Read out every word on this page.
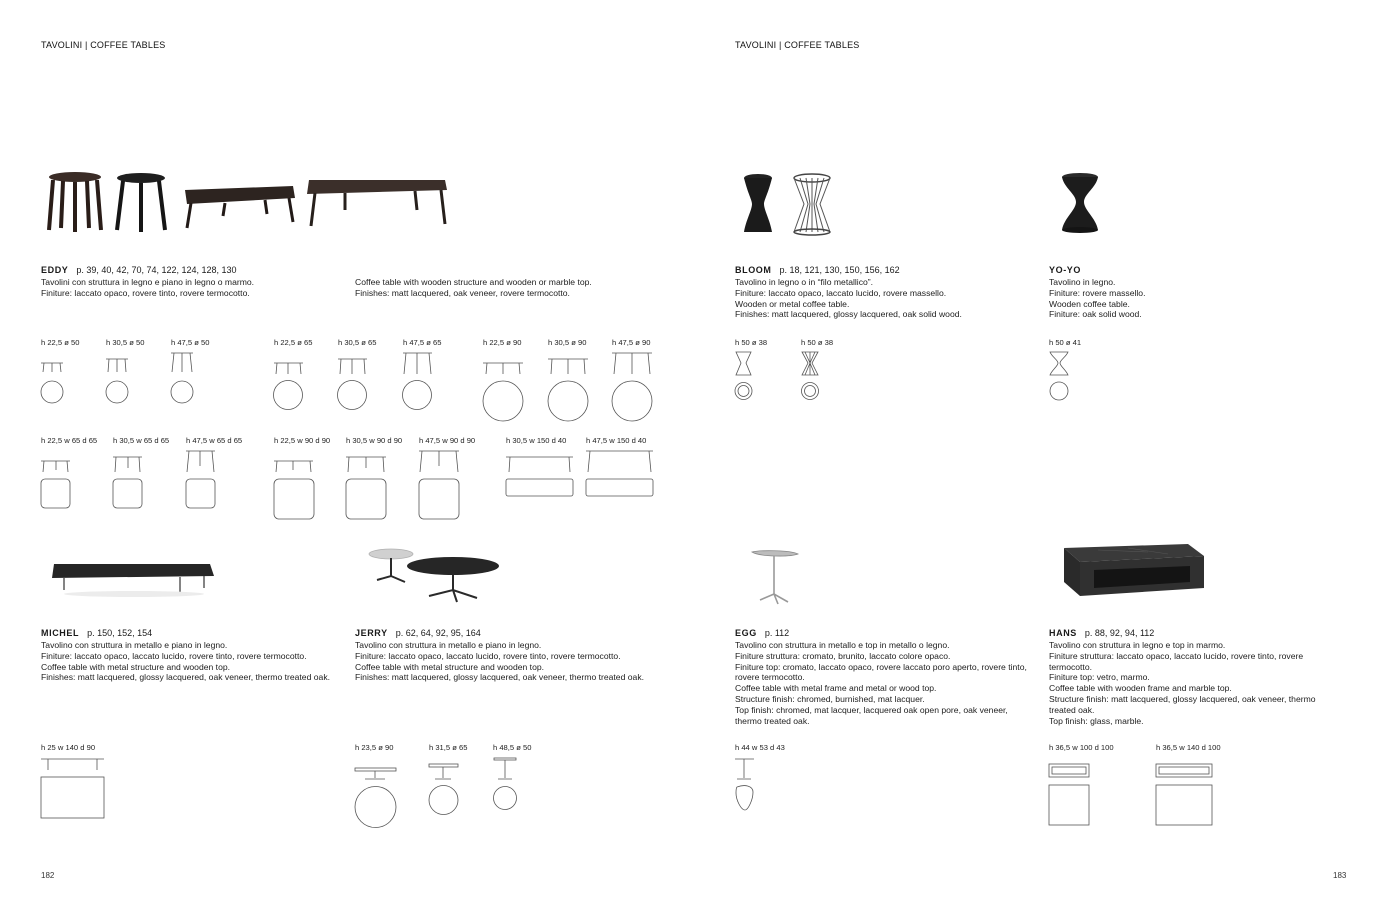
TAVOLINI | COFFEE TABLES	TAVOLINI | COFFEE TABLES
182	183
EDDY p. 39, 40, 42, 70, 74, 122, 124, 128, 130
Tavolini con struttura in legno e piano in legno o marmo.
Finiture: laccato opaco, rovere tinto, rovere termocotto.
Coffee table with wooden structure and wooden or marble top.
Finishes: matt lacquered, oak veneer, rovere termocotto.
h 22,5 ø 50	h 30,5 ø 50	h 47,5 ø 50	h 22,5 ø 65	h 30,5 ø 65	h 47,5 ø 65	h 22,5 ø 90	h 30,5 ø 90	h 47,5 ø 90
h 22,5 w 65 d 65 h 30,5 w 65 d 65 h 47,5 w 65 d 65	h 22,5 w 90 d 90 h 30,5 w 90 d 90 h 47,5 w 90 d 90	h 30,5 w 150 d 40	h 47,5 w 150 d 40
BLOOM p. 18, 121, 130, 150, 156, 162
Tavolino in legno o in “filo metallico”.
Finiture: laccato opaco, laccato lucido, rovere massello.
Wooden or metal coffee table.
Finishes: matt lacquered, glossy lacquered, oak solid wood.
h 50 ø 38	h 50 ø 38
YO-YO
Tavolino in legno.
Finiture: rovere massello.
Wooden coffee table.
Finiture: oak solid wood.
h 50 ø 41
MICHEL p. 150, 152, 154
Tavolino con struttura in metallo e piano in legno.
Finiture: laccato opaco, laccato lucido, rovere tinto, rovere termocotto.
Coffee table with metal structure and wooden top.
Finishes: matt lacquered, glossy lacquered, oak veneer, thermo treated oak.
h 25 w 140 d 90
JERRY p. 62, 64, 92, 95, 164
Tavolino con struttura in metallo e piano in legno.
Finiture: laccato opaco, laccato lucido, rovere tinto, rovere termocotto.
Coffee table with metal structure and wooden top.
Finishes: matt lacquered, glossy lacquered, oak veneer, thermo treated oak.
h 23,5 ø 90	h 31,5 ø 65	h 48,5 ø 50
EGG p. 112
Tavolino con struttura in metallo e top in metallo o legno.
Finiture struttura: cromato, brunito, laccato colore opaco.
Finiture top: cromato, laccato opaco, rovere laccato poro aperto, rovere tinto, rovere termocotto.
Coffee table with metal frame and metal or wood top.
Structure finish: chromed, burnished, mat lacquer.
Top finish: chromed, mat lacquer, lacquered oak open pore, oak veneer, thermo treated oak.
h 44 w 53 d 43
HANS p. 88, 92, 94, 112
Tavolino con struttura in legno e top in marmo.
Finiture struttura: laccato opaco, laccato lucido, rovere tinto, rovere termocotto.
Finiture top: vetro, marmo.
Coffee table with wooden frame and marble top.
Structure finish: matt lacquered, glossy lacquered, oak veneer, thermo treated oak.
Top finish: glass, marble.
h 36,5 w 100 d 100	h 36,5 w 140 d 100
